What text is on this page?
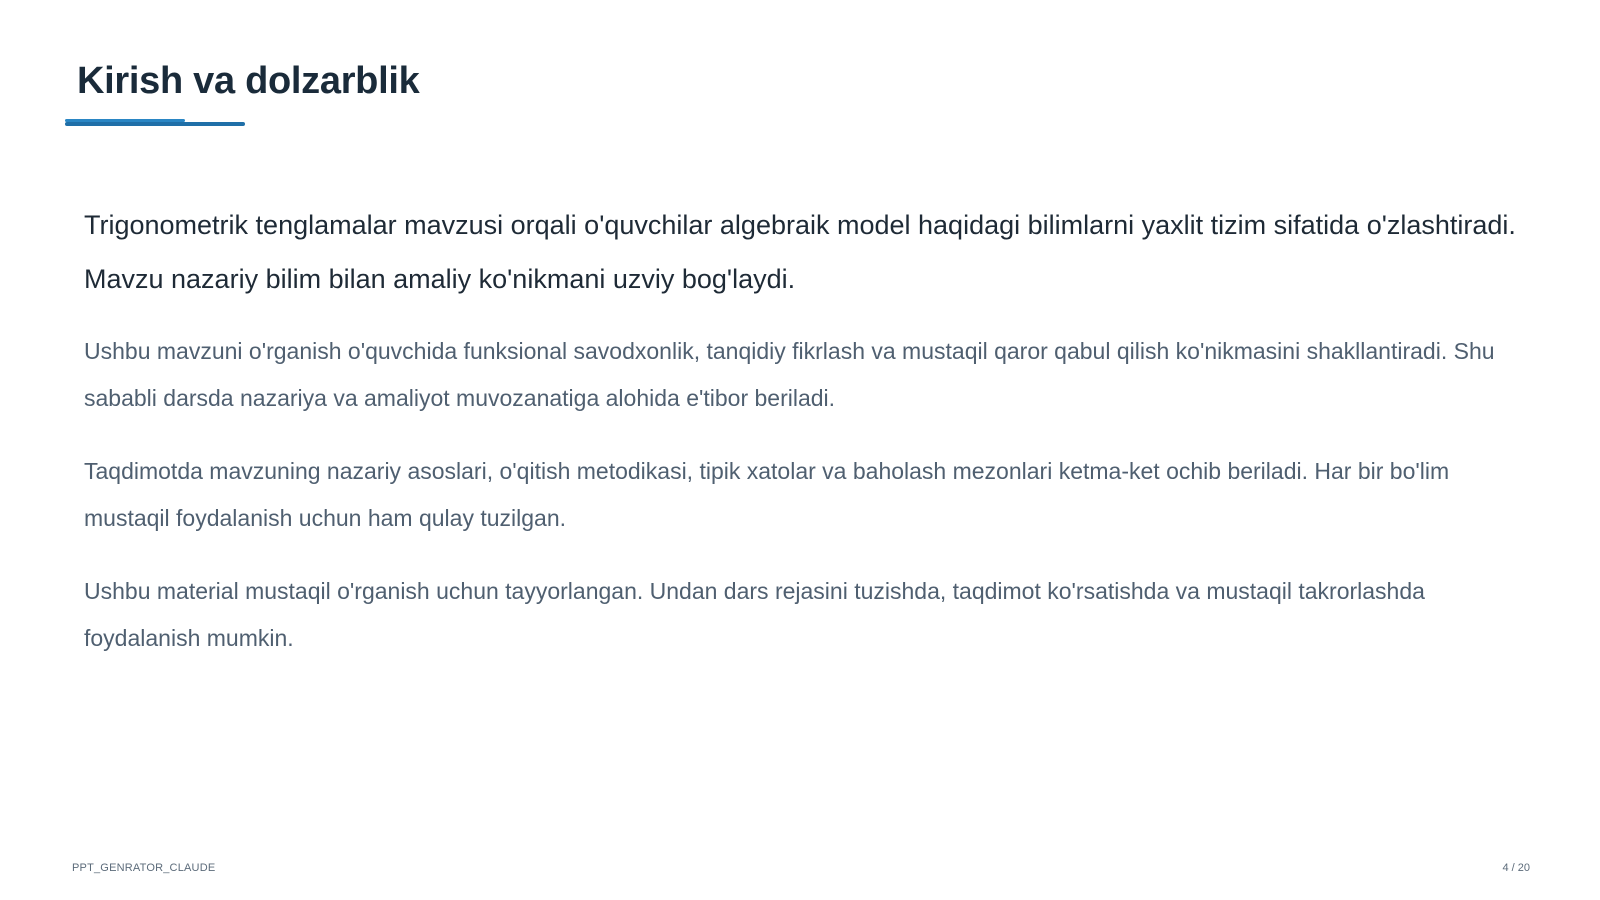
Kirish va dolzarblik

Trigonometrik tenglamalar mavzusi orqali o'quvchilar algebraik model haqidagi bilimlarni yaxlit tizim sifatida o'zlashtiradi. Mavzu nazariy bilim bilan amaliy ko'nikmani uzviy bog'laydi.

Ushbu mavzuni o'rganish o'quvchida funksional savodxonlik, tanqidiy fikrlash va mustaqil qaror qabul qilish ko'nikmasini shakllantiradi. Shu sababli darsda nazariya va amaliyot muvozanatiga alohida e'tibor beriladi.

Taqdimotda mavzuning nazariy asoslari, o'qitish metodikasi, tipik xatolar va baholash mezonlari ketma-ket ochib beriladi. Har bir bo'lim mustaqil foydalanish uchun ham qulay tuzilgan.

Ushbu material mustaqil o'rganish uchun tayyorlangan. Undan dars rejasini tuzishda, taqdimot ko'rsatishda va mustaqil takrorlashda foydalanish mumkin.

PPT_GENRATOR_CLAUDE	4 / 20
